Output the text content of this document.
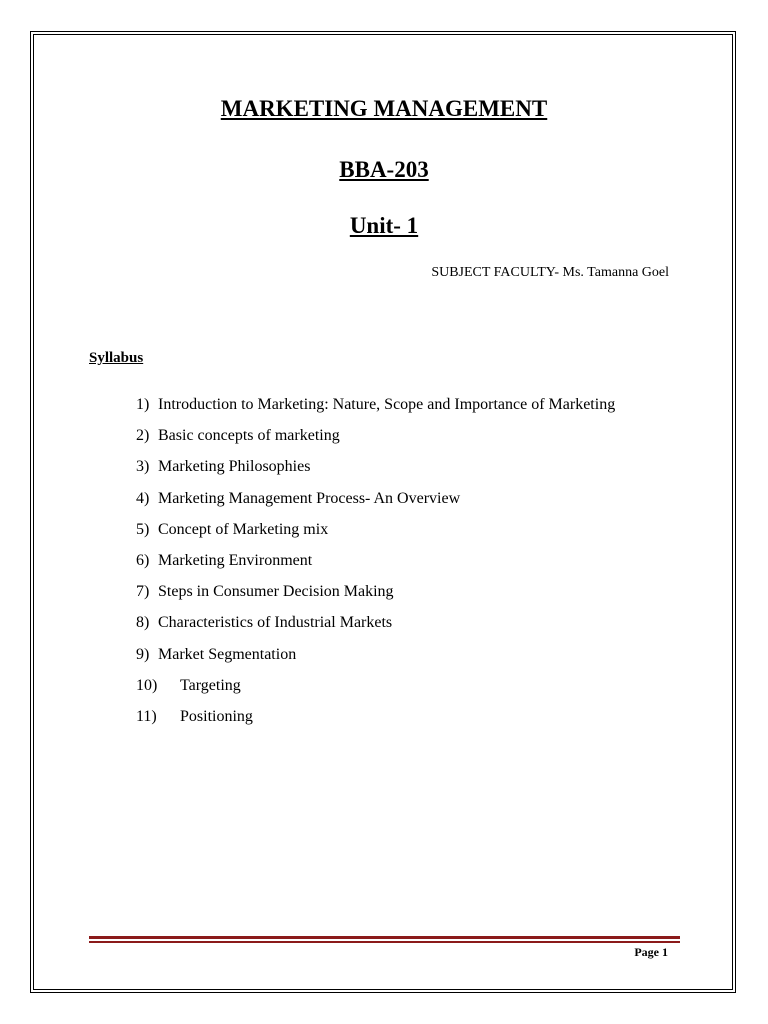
MARKETING MANAGEMENT
BBA-203
Unit- 1
SUBJECT FACULTY- Ms. Tamanna Goel
Syllabus
1) Introduction to Marketing: Nature, Scope and Importance of Marketing
2) Basic concepts of marketing
3) Marketing Philosophies
4) Marketing Management Process- An Overview
5) Concept of Marketing mix
6) Marketing Environment
7) Steps in Consumer Decision Making
8) Characteristics of Industrial Markets
9) Market Segmentation
10)	Targeting
11)	Positioning
Page 1
